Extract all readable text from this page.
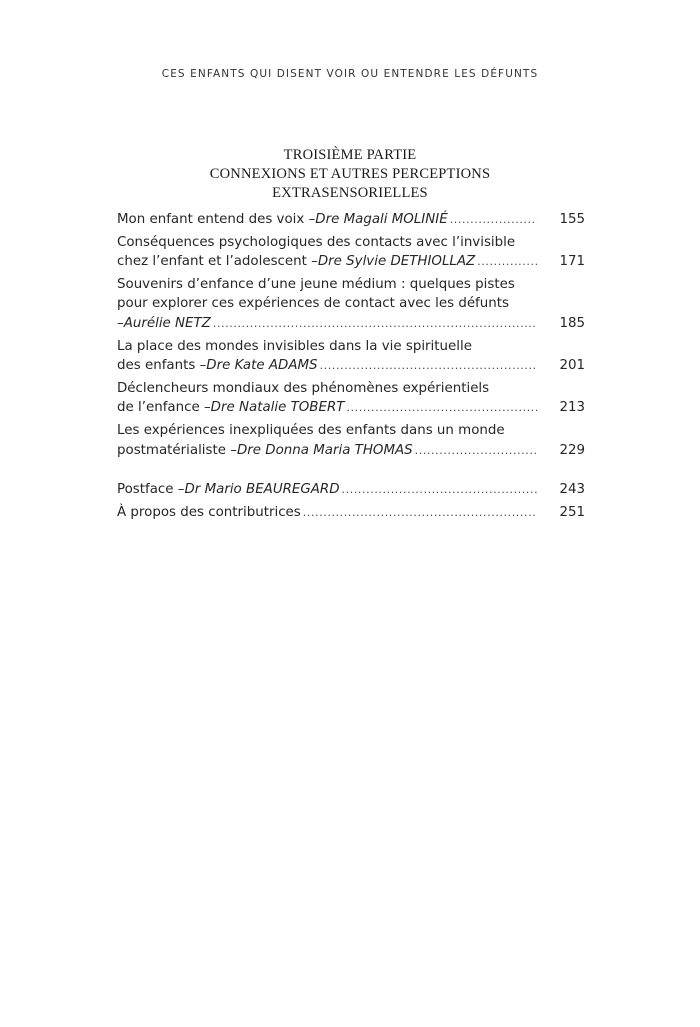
CES ENFANTS QUI DISENT VOIR OU ENTENDRE LES DÉFUNTS
TROISIÈME PARTIE
CONNEXIONS ET AUTRES PERCEPTIONS
EXTRASENSORIELLES
Mon enfant entend des voix – Dre Magali MOLINIÉ .....	155
Conséquences psychologiques des contacts avec l’invisible
chez l’enfant et l’adolescent – Dre Sylvie DETHIOLLAZ .....	171
Souvenirs d’enfance d’une jeune médium : quelques pistes
pour explorer ces expériences de contact avec les défunts
– Aurélie NETZ .....	185
La place des mondes invisibles dans la vie spirituelle
des enfants – Dre Kate ADAMS .....	201
Déclencheurs mondiaux des phénomènes expérientiels
de l’enfance – Dre Natalie TOBERT .....	213
Les expériences inexpliquées des enfants dans un monde
postmatérialiste – Dre Donna Maria THOMAS .....	229
Postface – Dr Mario BEAUREGARD .....	243
À propos des contributrices .....	251
